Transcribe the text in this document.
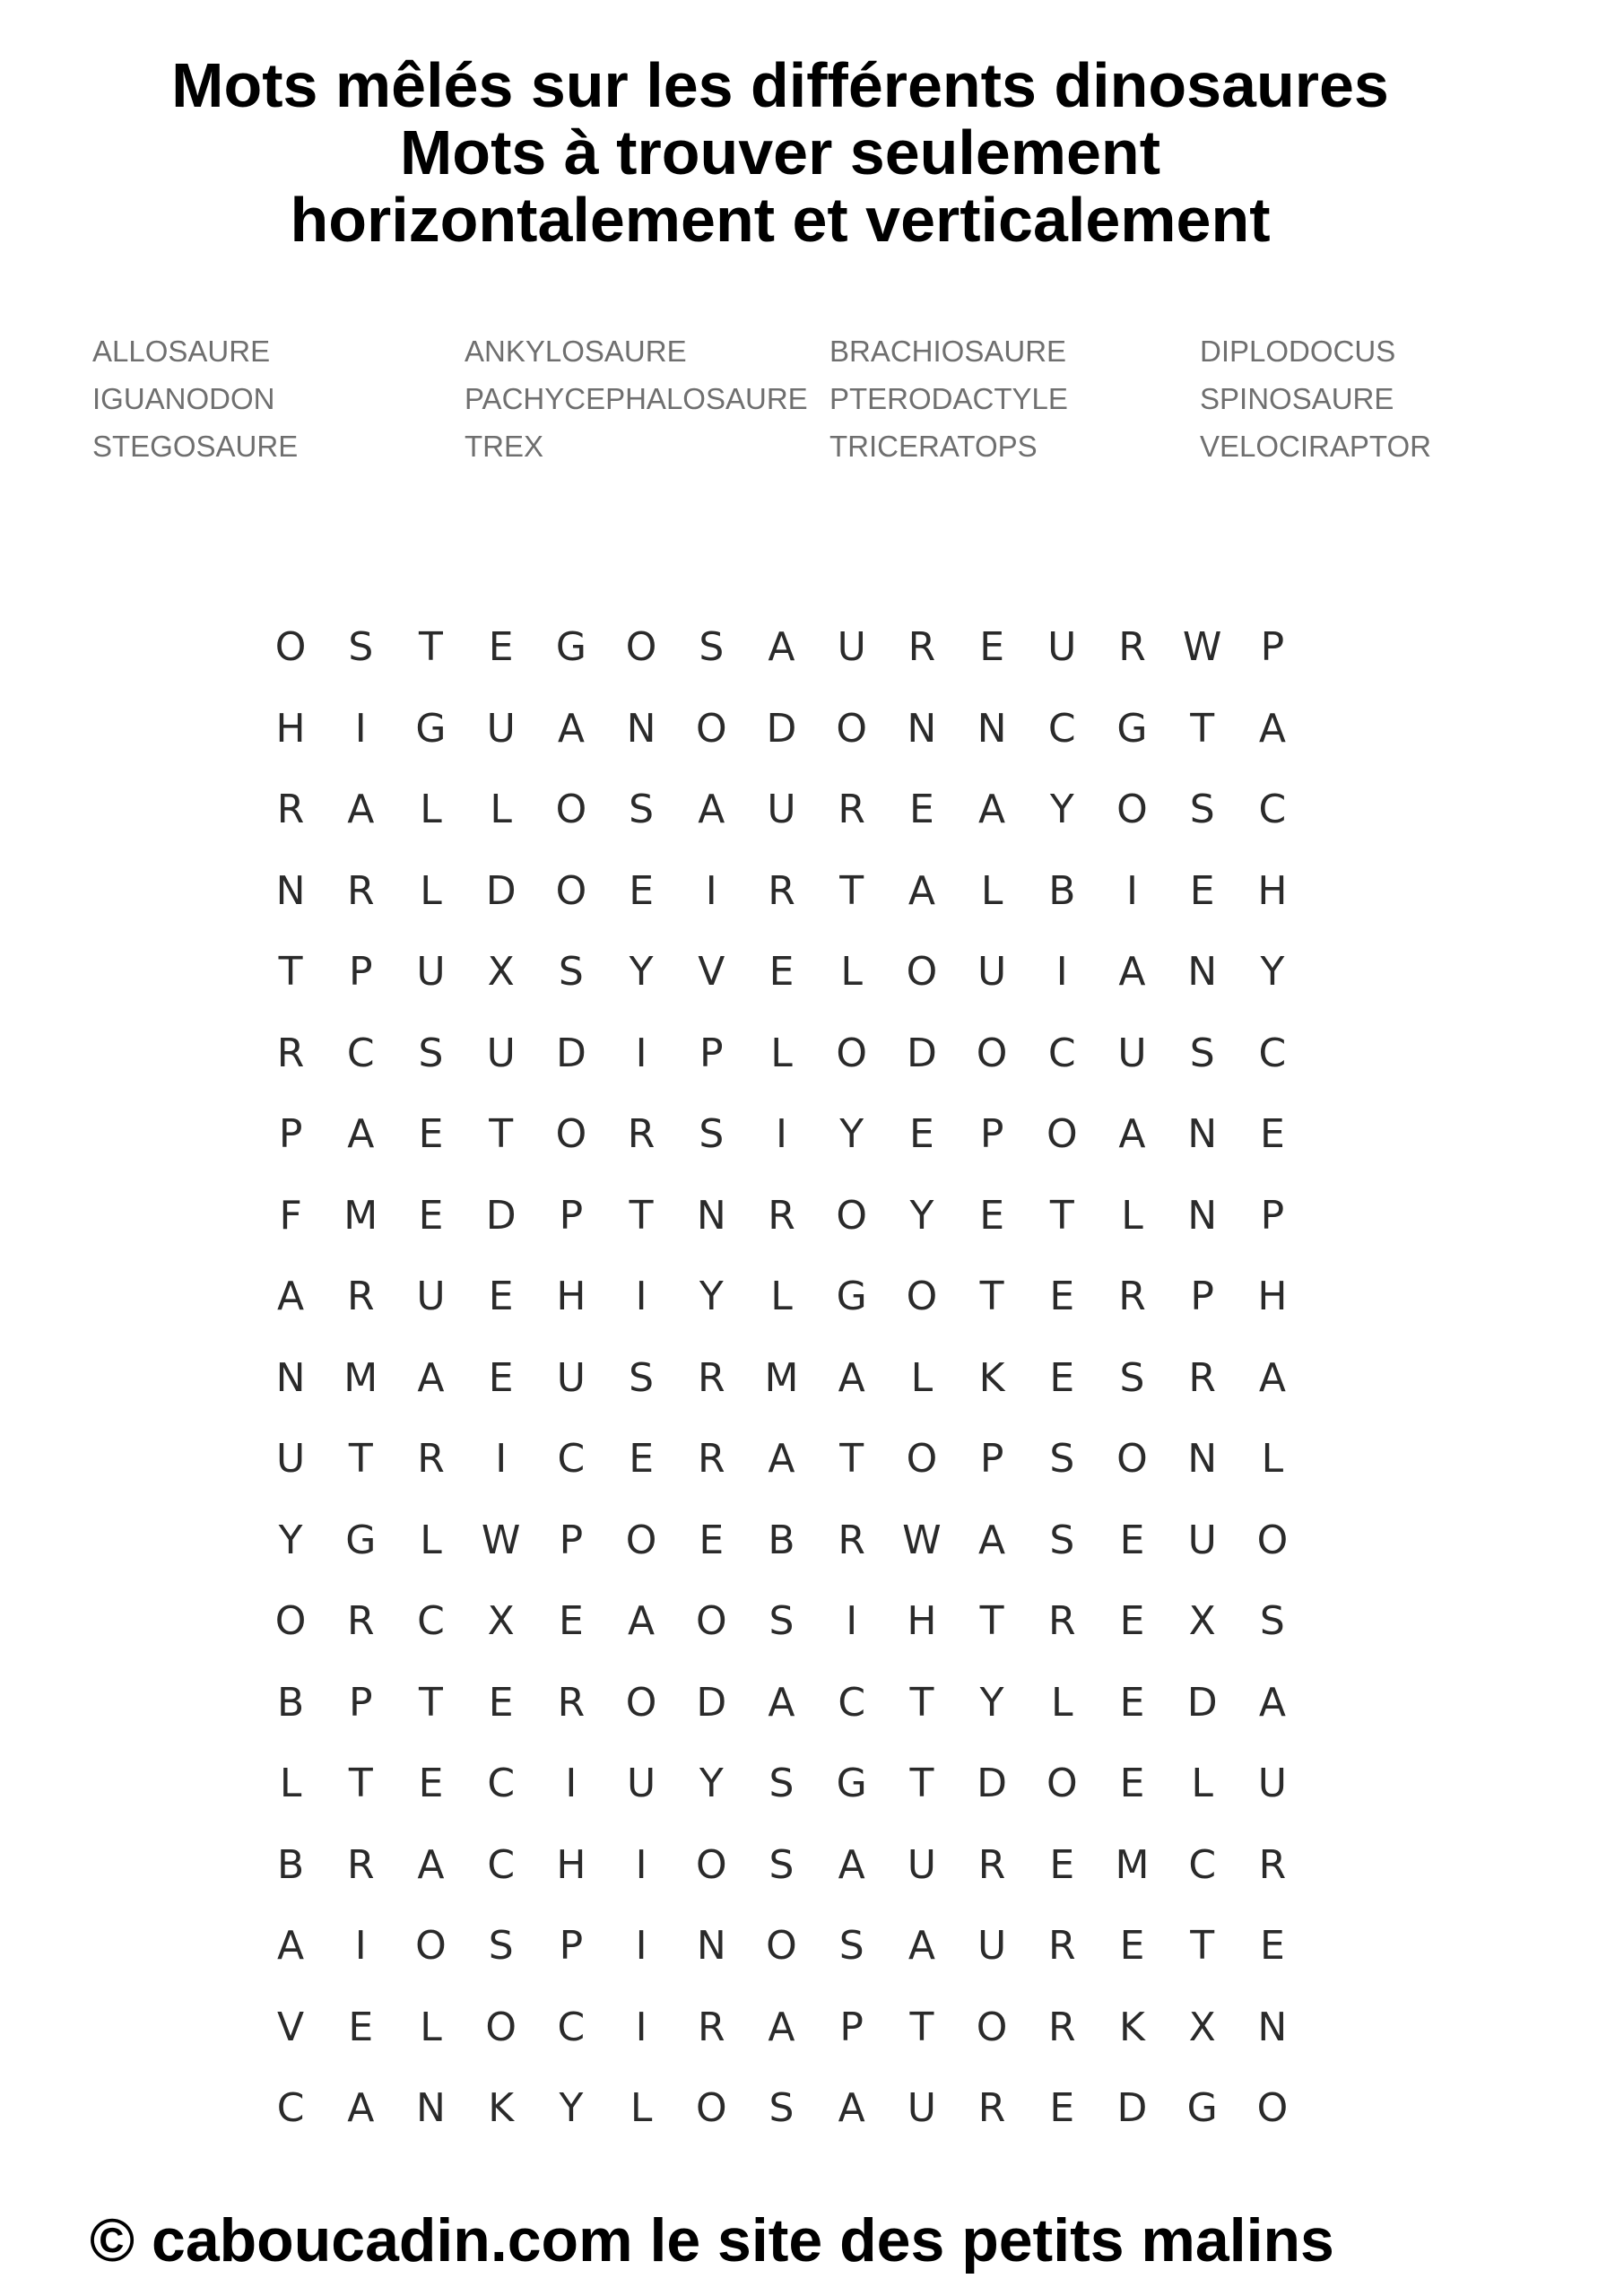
Mots mêlés sur les différents dinosaures
Mots à trouver seulement
horizontalement et verticalement
ALLOSAURE	ANKYLOSAURE	BRACHIOSAURE	DIPLODOCUS
IGUANODON	PACHYCEPHALOSAURE PTERODACTYLE	SPINOSAURE
STEGOSAURE	TREX	TRICERATOPS	VELOCIRAPTOR
O	S	T	E	G O	S	A	U	R	E	U	R W P
H	I	G	U	A	N	O D O	N	N	C	G	T	A
R	A	L	L	O	S	A	U	R	E	A	Y	O	S	C
N	R	L	D O	E	I	R	T	A	L	B	I	E	H
T	P	U	X	S	Y	V	E	L	O	U	I	A	N	Y
R	C	S	U	D	I	P	L	O D O	C	U	S	C
P	A	E	T	O	R	S	I	Y	E	P	O	A	N	E
F	M	E	D	P	T	N	R	O	Y	E	T	L	N	P
A	R	U	E	H	I	Y	L	G O	T	E	R	P	H
N M	A	E	U	S	R M	A	L	K	E	S	R	A
U	T	R	I	C	E	R	A	T	O	P	S	O	N	L
Y	G	L	W P	O	E	B	R W A	S	E	U	O
O	R	C	X	E	A	O	S	I	H	T	R	E	X	S
B	P	T	E	R	O D	A	C	T	Y	L	E	D	A
L	T	E	C	I	U	Y	S	G	T	D O	E	L	U
B	R	A	C	H	I	O	S	A	U	R	E	M C	R
A	I	O	S	P	I	N	O	S	A	U	R	E	T	E
V	E	L	O	C	I	R	A	P	T	O	R	K	X	N
C	A	N	K	Y	L	O	S	A	U	R	E	D	G O
© caboucadin.com le site des petits malins
